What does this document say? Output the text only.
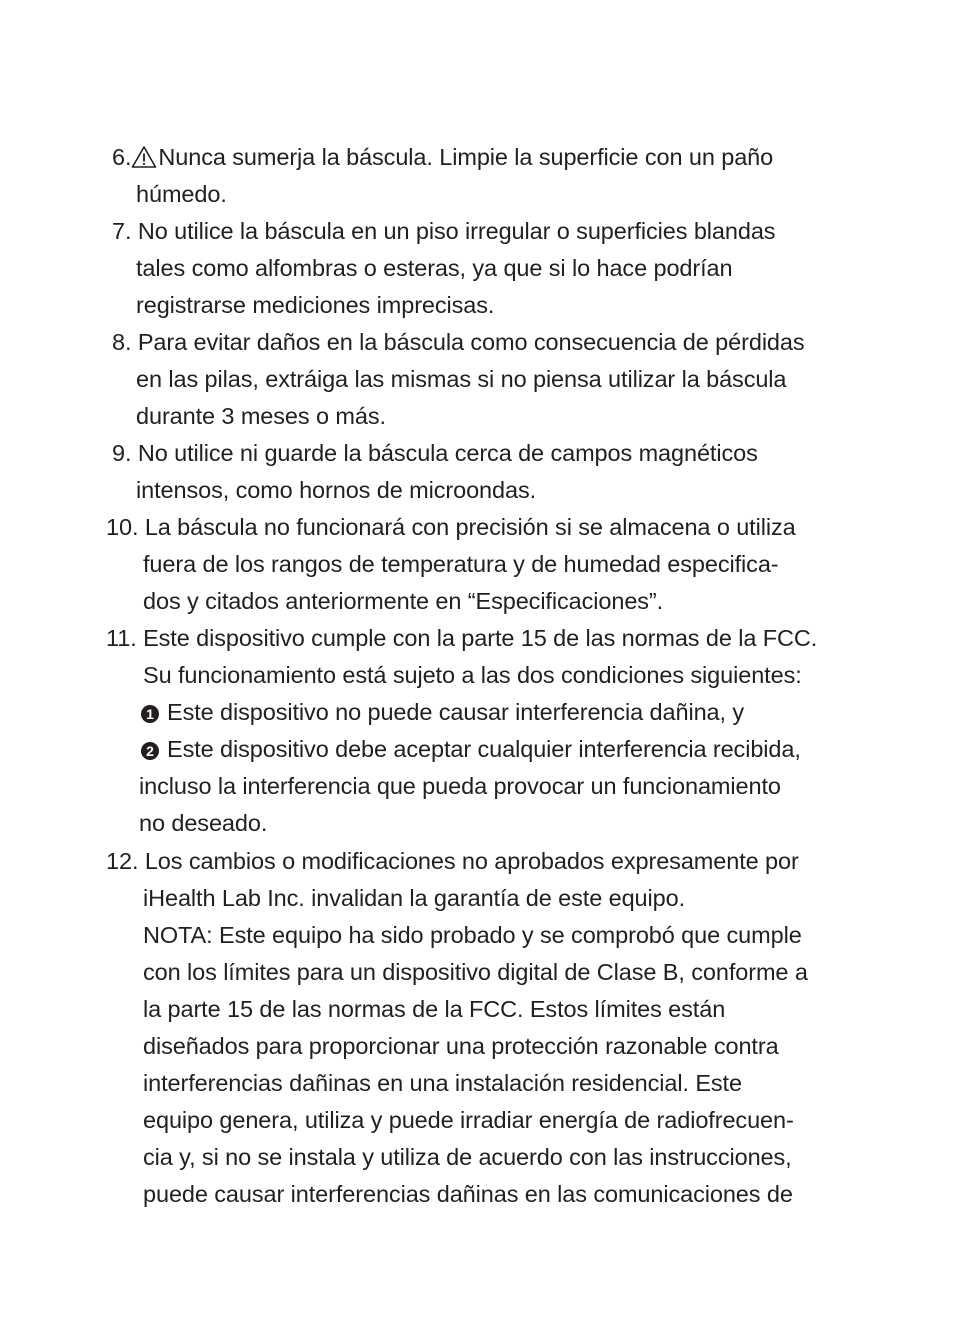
6. Nunca sumerja la báscula. Limpie la superficie con un paño
húmedo.
7. No utilice la báscula en un piso irregular o superficies blandas
tales como alfombras o esteras, ya que si lo hace podrían
registrarse mediciones imprecisas.
8. Para evitar daños en la báscula como consecuencia de pérdidas
en las pilas, extráiga las mismas si no piensa utilizar la báscula
durante 3 meses o más.
9. No utilice ni guarde la báscula cerca de campos magnéticos
intensos, como hornos de microondas.
10. La báscula no funcionará con precisión si se almacena o utiliza
fuera de los rangos de temperatura y de humedad especifica-
dos y citados anteriormente en “Especificaciones”.
11. Este dispositivo cumple con la parte 15 de las normas de la FCC.
Su funcionamiento está sujeto a las dos condiciones siguientes:
1 Este dispositivo no puede causar interferencia dañina, y
2 Este dispositivo debe aceptar cualquier interferencia recibida,
incluso la interferencia que pueda provocar un funcionamiento
no deseado.
12. Los cambios o modificaciones no aprobados expresamente por
iHealth Lab Inc. invalidan la garantía de este equipo.
NOTA: Este equipo ha sido probado y se comprobó que cumple
con los límites para un dispositivo digital de Clase B, conforme a
la parte 15 de las normas de la FCC. Estos límites están
diseñados para proporcionar una protección razonable contra
interferencias dañinas en una instalación residencial. Este
equipo genera, utiliza y puede irradiar energía de radiofrecuen-
cia y, si no se instala y utiliza de acuerdo con las instrucciones,
puede causar interferencias dañinas en las comunicaciones de
